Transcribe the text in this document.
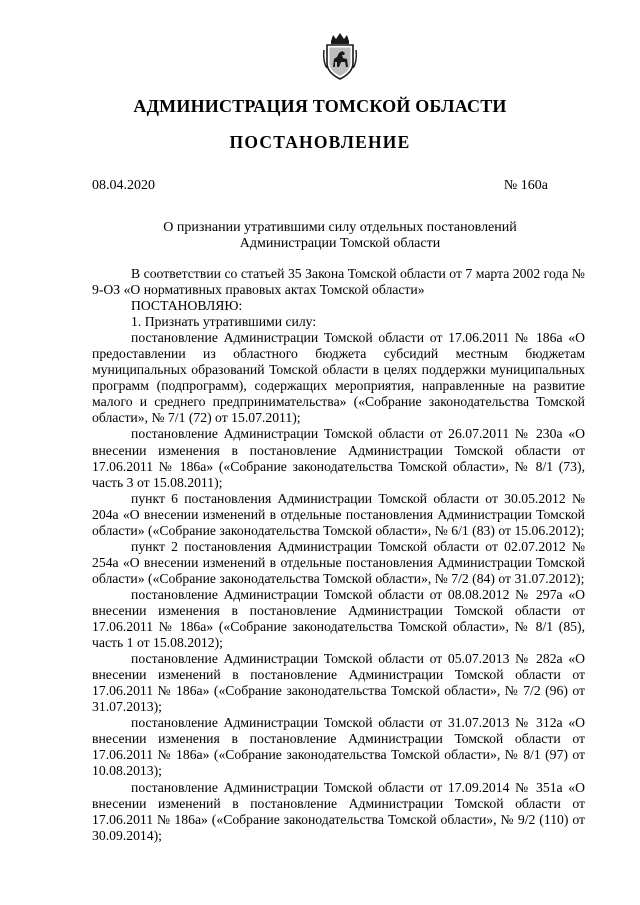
АДМИНИСТРАЦИЯ ТОМСКОЙ ОБЛАСТИ
ПОСТАНОВЛЕНИЕ
08.04.2020	№ 160а
О признании утратившими силу отдельных постановлений
Администрации Томской области

В соответствии со статьей 35 Закона Томской области от 7 марта 2002 года № 9-ОЗ «О нормативных правовых актах Томской области»

ПОСТАНОВЛЯЮ:

1. Признать утратившими силу:

постановление Администрации Томской области от 17.06.2011 № 186а «О предоставлении из областного бюджета субсидий местным бюджетам муниципальных образований Томской области в целях поддержки муниципальных программ (подпрограмм), содержащих мероприятия, направленные на развитие малого и среднего предпринимательства» («Собрание законодательства Томской области», № 7/1 (72) от 15.07.2011);

постановление Администрации Томской области от 26.07.2011 № 230а «О внесении изменения в постановление Администрации Томской области от 17.06.2011 № 186а» («Собрание законодательства Томской области», № 8/1 (73), часть 3 от 15.08.2011);

пункт 6 постановления Администрации Томской области от 30.05.2012 № 204а «О внесении изменений в отдельные постановления Администрации Томской области» («Собрание законодательства Томской области», № 6/1 (83) от 15.06.2012);

пункт 2 постановления Администрации Томской области от 02.07.2012 № 254а «О внесении изменений в отдельные постановления Администрации Томской области» («Собрание законодательства Томской области», № 7/2 (84) от 31.07.2012);

постановление Администрации Томской области от 08.08.2012 № 297а «О внесении изменения в постановление Администрации Томской области от 17.06.2011 № 186а» («Собрание законодательства Томской области», № 8/1 (85), часть 1 от 15.08.2012);

постановление Администрации Томской области от 05.07.2013 № 282а «О внесении изменений в постановление Администрации Томской области от 17.06.2011 № 186а» («Собрание законодательства Томской области», № 7/2 (96) от 31.07.2013);

постановление Администрации Томской области от 31.07.2013 № 312а «О внесении изменения в постановление Администрации Томской области от 17.06.2011 № 186а» («Собрание законодательства Томской области», № 8/1 (97) от 10.08.2013);

постановление Администрации Томской области от 17.09.2014 № 351а «О внесении изменений в постановление Администрации Томской области от 17.06.2011 № 186а» («Собрание законодательства Томской области», № 9/2 (110) от 30.09.2014);
